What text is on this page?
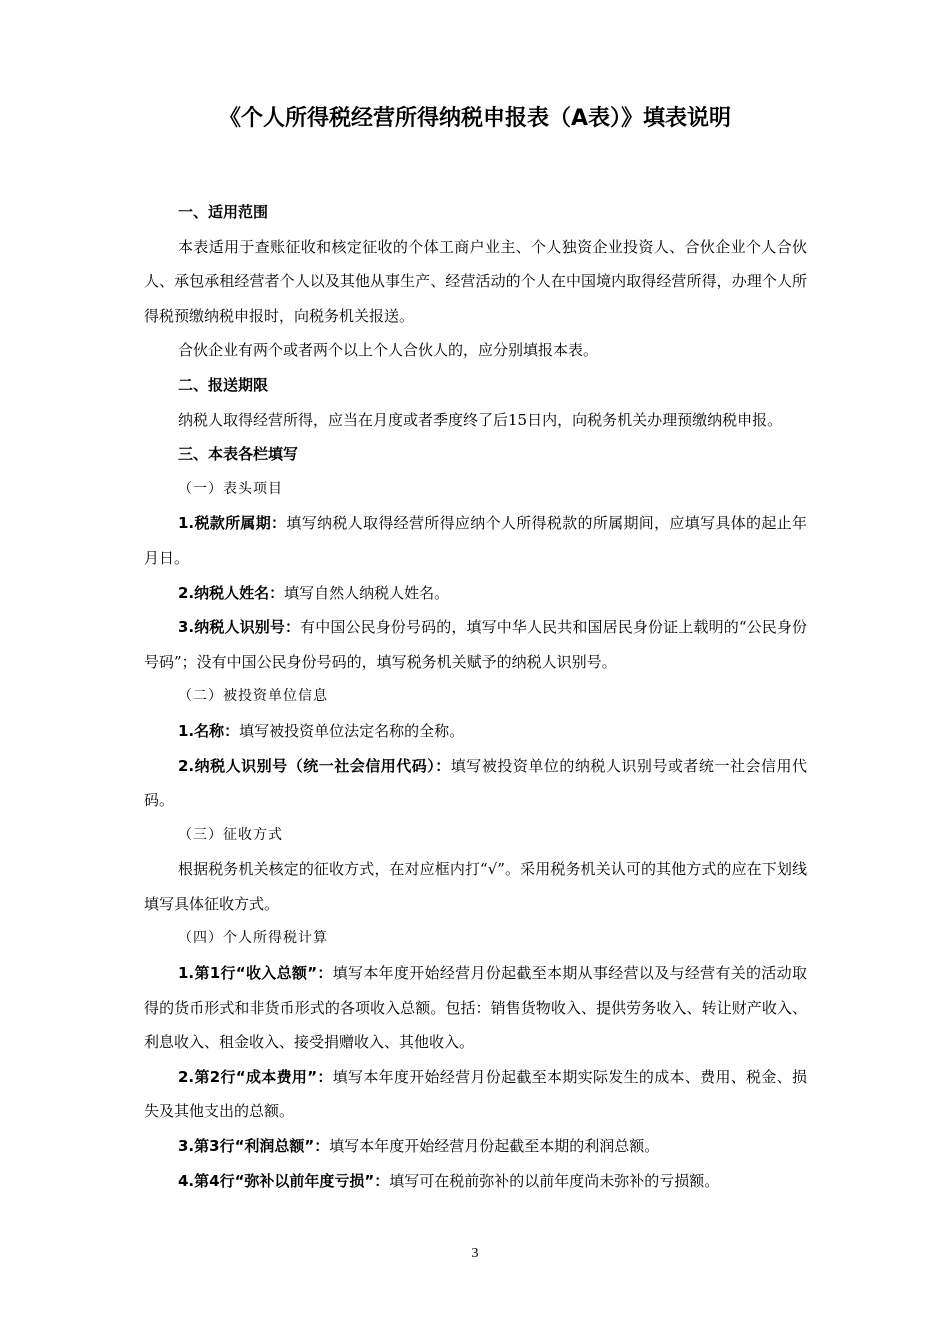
《个人所得税经营所得纳税申报表（A表）》填表说明

一、适用范围

本表适用于查账征收和核定征收的个体工商户业主、个人独资企业投资人、合伙企业个人合伙人、承包承租经营者个人以及其他从事生产、经营活动的个人在中国境内取得经营所得，办理个人所得税预缴纳税申报时，向税务机关报送。

合伙企业有两个或者两个以上个人合伙人的，应分别填报本表。

二、报送期限

纳税人取得经营所得，应当在月度或者季度终了后15日内，向税务机关办理预缴纳税申报。

三、本表各栏填写

（一）表头项目

1.税款所属期：填写纳税人取得经营所得应纳个人所得税款的所属期间，应填写具体的起止年月日。

2.纳税人姓名：填写自然人纳税人姓名。

3.纳税人识别号：有中国公民身份号码的，填写中华人民共和国居民身份证上载明的“公民身份号码”；没有中国公民身份号码的，填写税务机关赋予的纳税人识别号。

（二）被投资单位信息

1.名称：填写被投资单位法定名称的全称。

2.纳税人识别号（统一社会信用代码）：填写被投资单位的纳税人识别号或者统一社会信用代码。

（三）征收方式

根据税务机关核定的征收方式，在对应框内打“√”。采用税务机关认可的其他方式的应在下划线填写具体征收方式。

（四）个人所得税计算

1.第1行“收入总额”：填写本年度开始经营月份起截至本期从事经营以及与经营有关的活动取得的货币形式和非货币形式的各项收入总额。包括：销售货物收入、提供劳务收入、转让财产收入、利息收入、租金收入、接受捐赠收入、其他收入。

2.第2行“成本费用”：填写本年度开始经营月份起截至本期实际发生的成本、费用、税金、损失及其他支出的总额。

3.第3行“利润总额”：填写本年度开始经营月份起截至本期的利润总额。

4.第4行“弥补以前年度亏损”：填写可在税前弥补的以前年度尚未弥补的亏损额。

3
